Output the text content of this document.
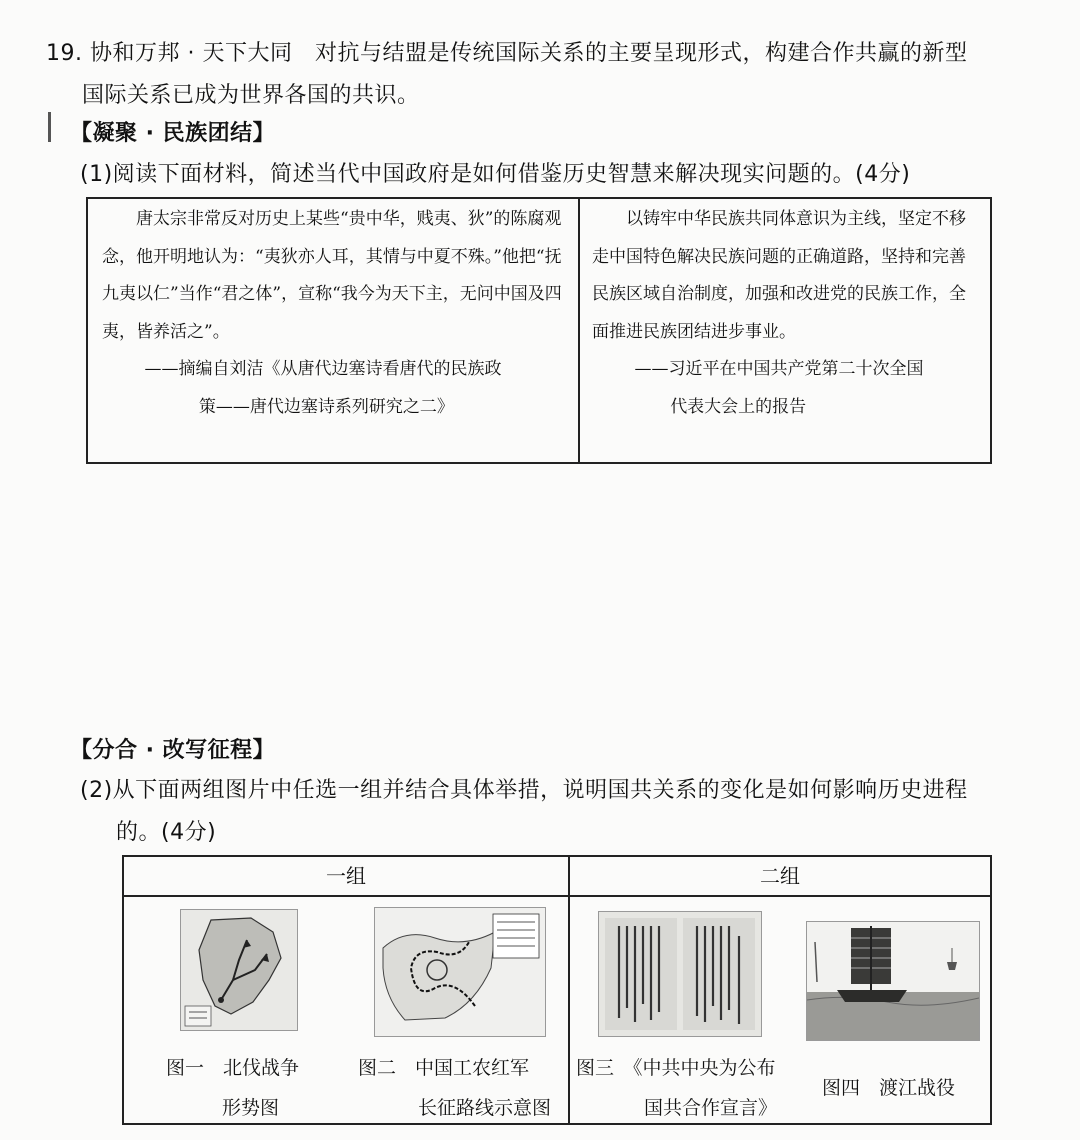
19. 协和万邦 · 天下大同　对抗与结盟是传统国际关系的主要呈现形式，构建合作共赢的新型
国际关系已成为世界各国的共识。
【凝聚 · 民族团结】
(1)阅读下面材料，简述当代中国政府是如何借鉴历史智慧来解决现实问题的。(4分)

唐太宗非常反对历史上某些“贵中华，贱夷、狄”的陈腐观念，他开明地认为：“夷狄亦人耳，其情与中夏不殊。”他把“抚九夷以仁”当作“君之体”，宣称“我今为天下主，无问中国及四夷，皆养活之”。

——摘编自刘洁《从唐代边塞诗看唐代的民族政

策——唐代边塞诗系列研究之二》

以铸牢中华民族共同体意识为主线，坚定不移走中国特色解决民族问题的正确道路，坚持和完善民族区域自治制度，加强和改进党的民族工作，全面推进民族团结进步事业。

——习近平在中国共产党第二十次全国

代表大会上的报告

【分合 · 改写征程】
(2)从下面两组图片中任选一组并结合具体举措，说明国共关系的变化是如何影响历史进程
的。(4分)
一组	二组
图一　北伐战争
形势图
图二　中国工农红军
长征路线示意图
图三　《中共中央为公布
国共合作宣言》
图四　渡江战役
